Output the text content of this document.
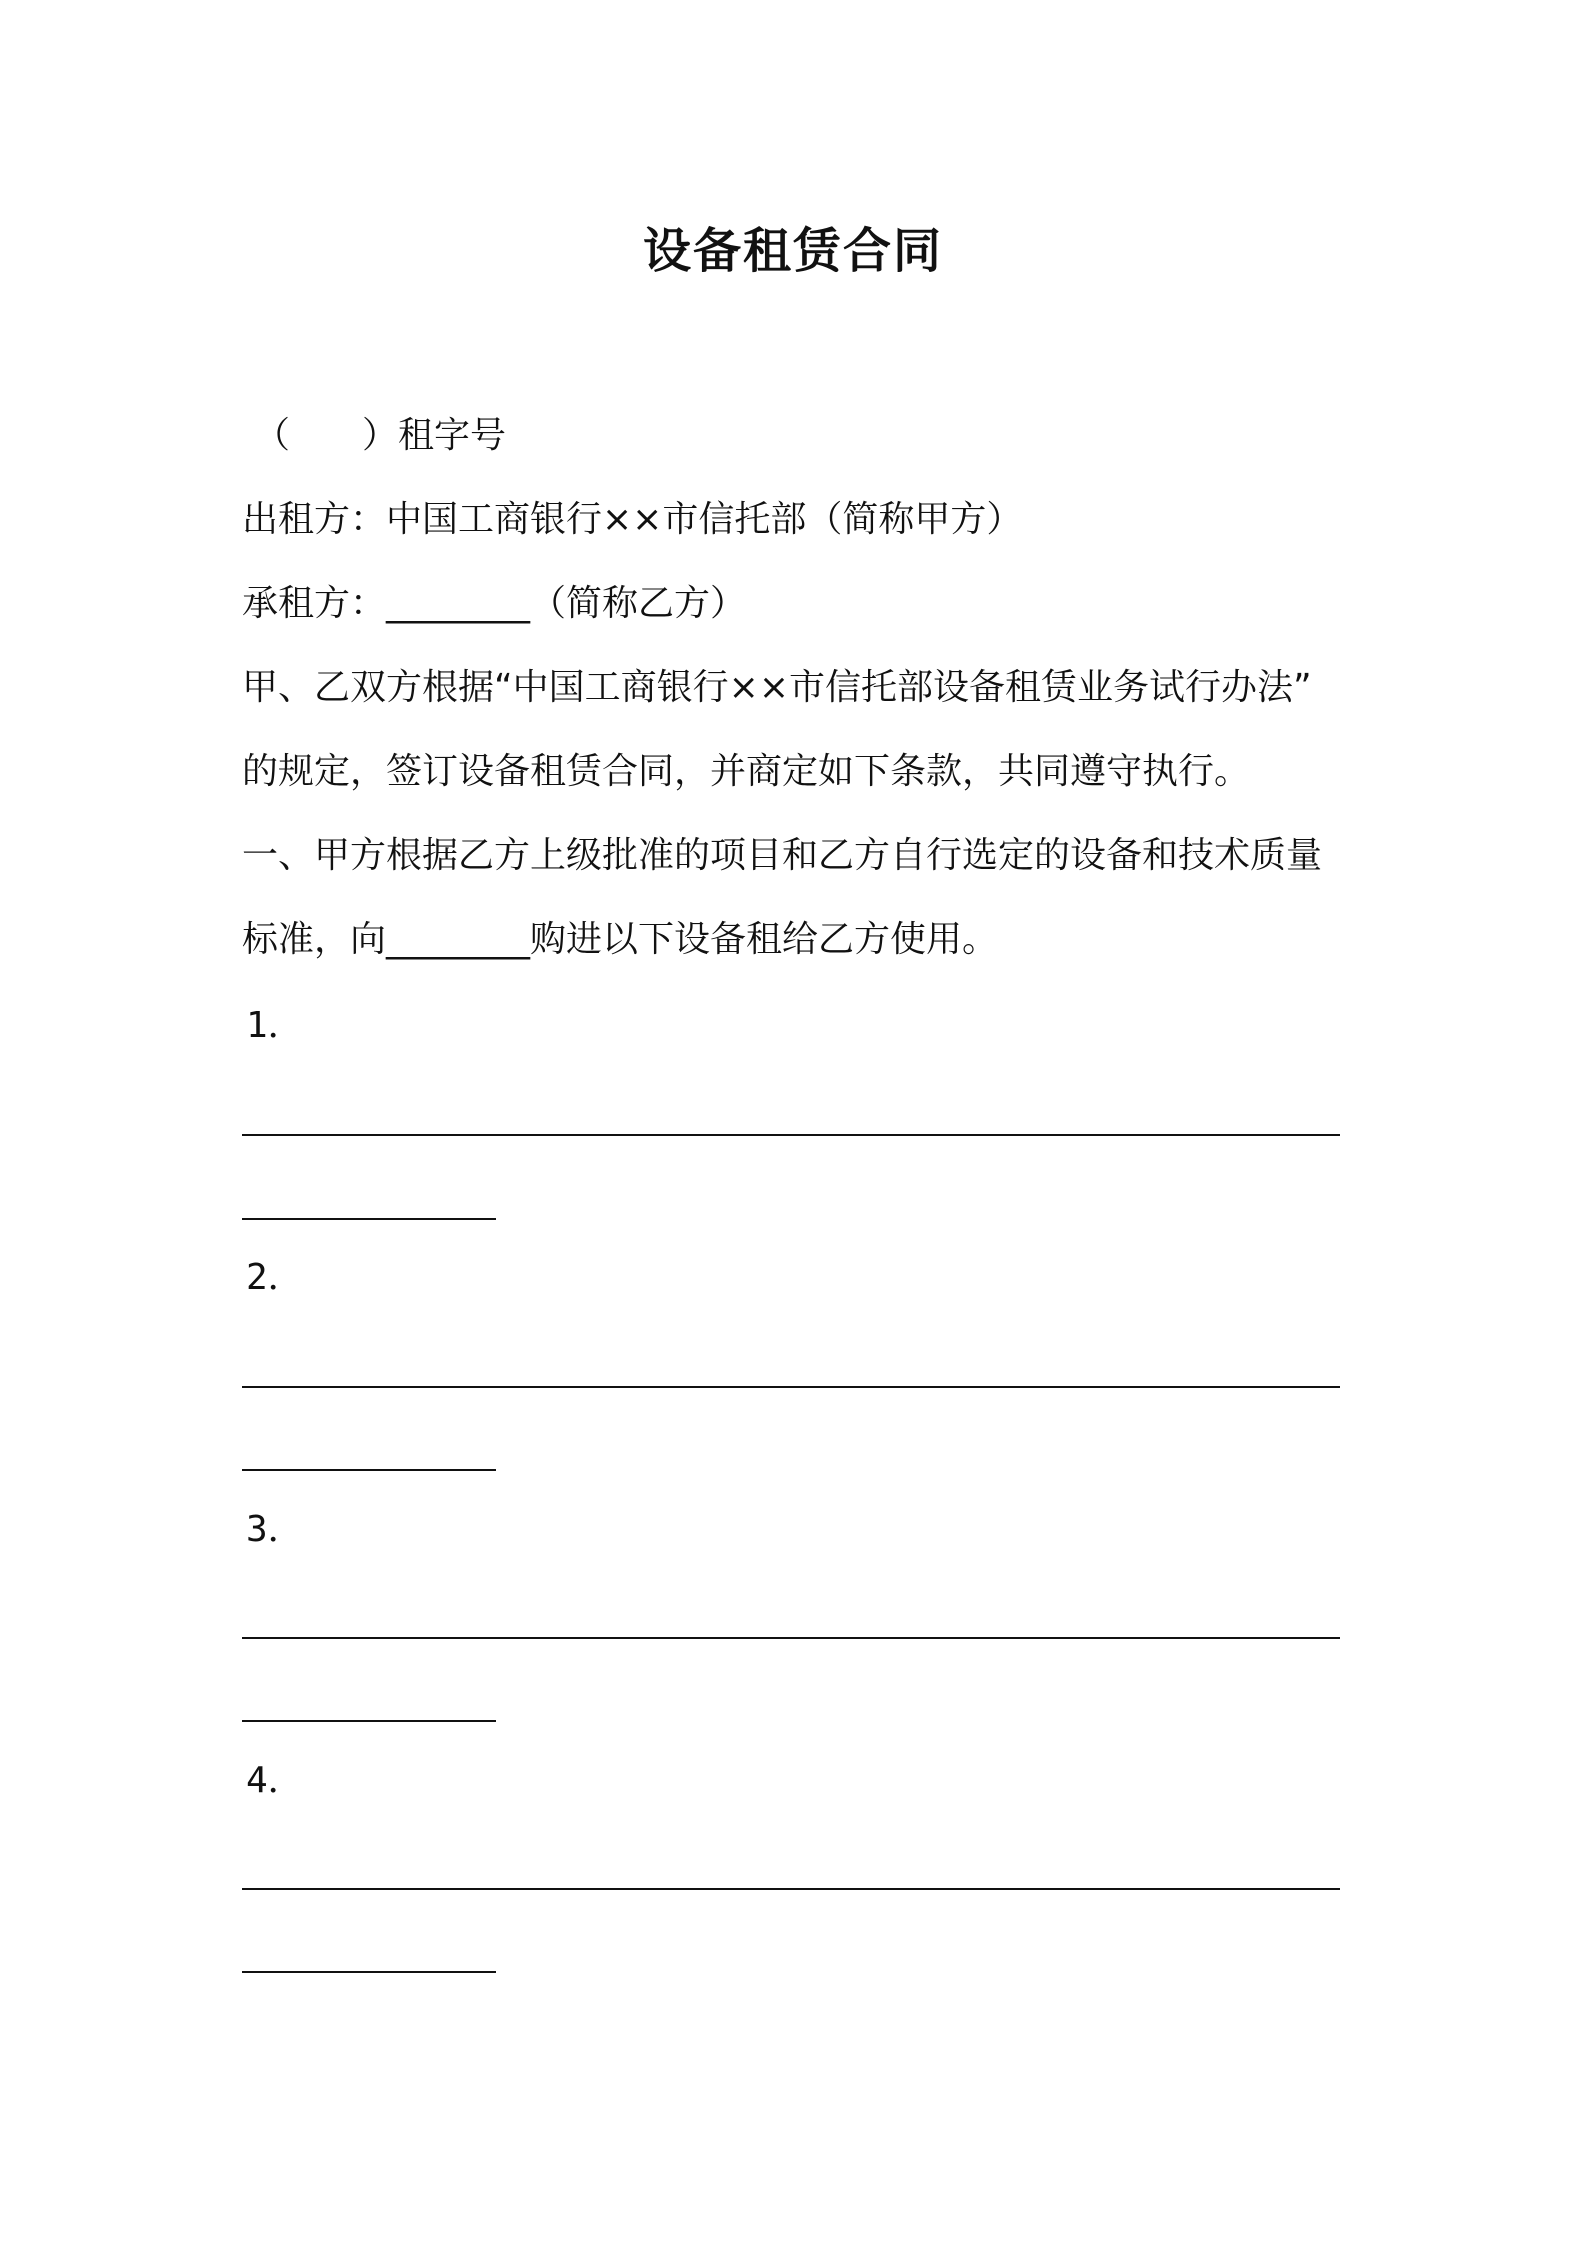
设备租赁合同
（　　）租字号
出租方：中国工商银行××市信托部（简称甲方）
承租方：________（简称乙方）
甲、乙双方根据“中国工商银行××市信托部设备租赁业务试行办法”
的规定，签订设备租赁合同，并商定如下条款，共同遵守执行。
一、甲方根据乙方上级批准的项目和乙方自行选定的设备和技术质量
标准，向________购进以下设备租给乙方使用。
1．
2．
3．
4．
